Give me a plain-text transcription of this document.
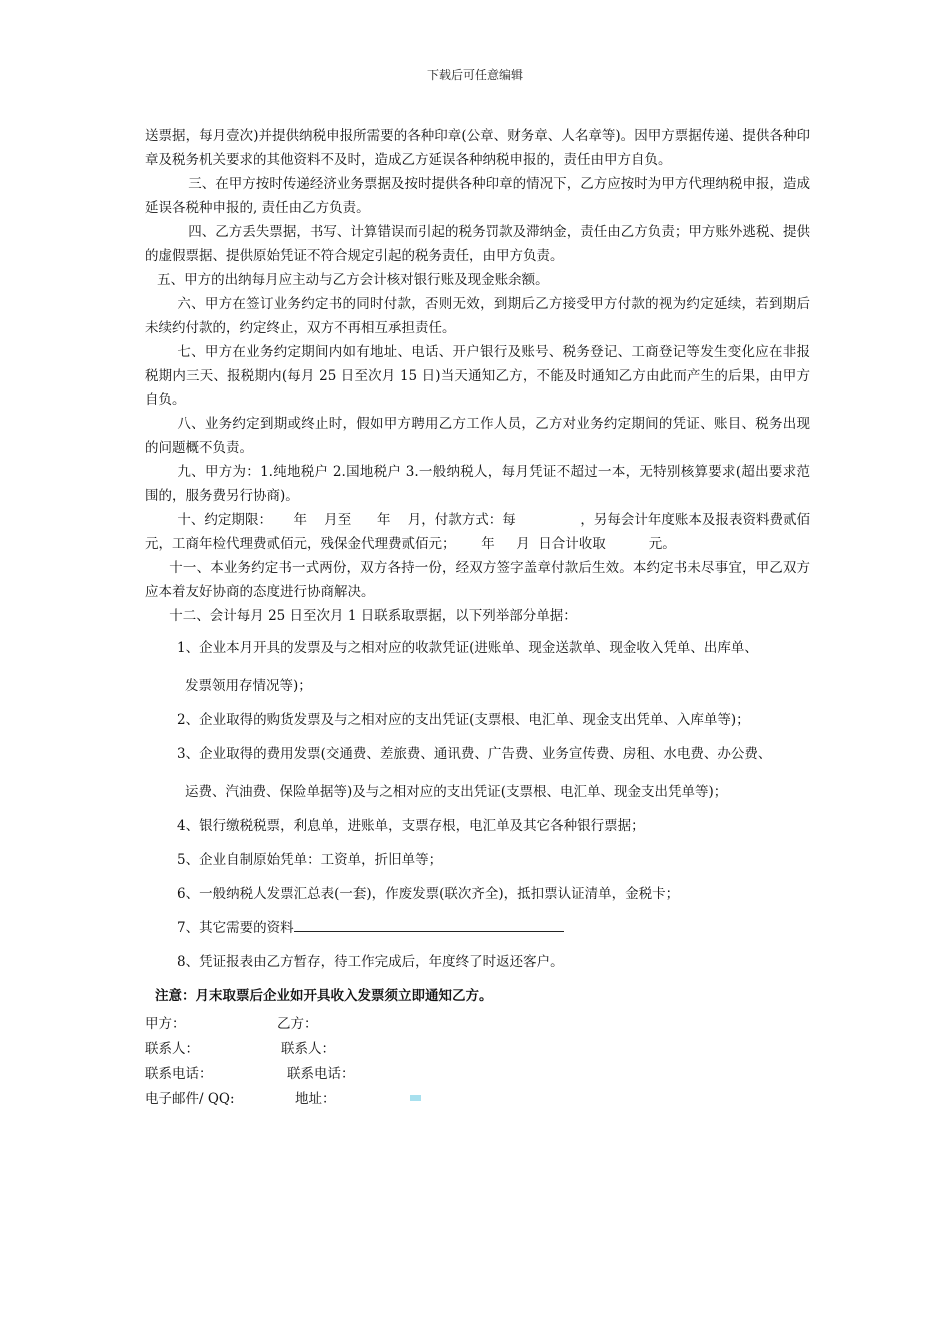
下载后可任意编辑

送票据，每月壹次)并提供纳税申报所需要的各种印章(公章、财务章、人名章等)。因甲方票据传递、提供各种印章及税务机关要求的其他资料不及时，造成乙方延误各种纳税申报的，责任由甲方自负。

三、在甲方按时传递经济业务票据及按时提供各种印章的情况下，乙方应按时为甲方代理纳税申报，造成延误各税种申报的, 责任由乙方负责。

四、乙方丢失票据，书写、计算错误而引起的税务罚款及滞纳金，责任由乙方负责；甲方账外逃税、提供的虚假票据、提供原始凭证不符合规定引起的税务责任，由甲方负责。

五、甲方的出纳每月应主动与乙方会计核对银行账及现金账余额。

六、甲方在签订业务约定书的同时付款，否则无效，到期后乙方接受甲方付款的视为约定延续，若到期后未续约付款的，约定终止，双方不再相互承担责任。

七、甲方在业务约定期间内如有地址、电话、开户银行及账号、税务登记、工商登记等发生变化应在非报税期内三天、报税期内(每月 25 日至次月 15 日)当天通知乙方，不能及时通知乙方由此而产生的后果，由甲方自负。

八、业务约定到期或终止时，假如甲方聘用乙方工作人员，乙方对业务约定期间的凭证、账目、税务出现的问题概不负责。

九、甲方为：1.纯地税户 2.国地税户 3.一般纳税人，每月凭证不超过一本，无特别核算要求(超出要求范围的，服务费另行协商)。

十、约定期限：     年    月至      年    月，付款方式：每               ，另每会计年度账本及报表资料费贰佰元，工商年检代理费贰佰元，残保金代理费贰佰元；      年     月  日合计收取          元。

十一、本业务约定书一式两份，双方各持一份，经双方签字盖章付款后生效。本约定书未尽事宜，甲乙双方应本着友好协商的态度进行协商解决。

十二、会计每月 25 日至次月 1 日联系取票据，以下列举部分单据：

1、企业本月开具的发票及与之相对应的收款凭证(进账单、现金送款单、现金收入凭单、出库单、
发票领用存情况等)；
2、企业取得的购货发票及与之相对应的支出凭证(支票根、电汇单、现金支出凭单、入库单等)；
3、企业取得的费用发票(交通费、差旅费、通讯费、广告费、业务宣传费、房租、水电费、办公费、
运费、汽油费、保险单据等)及与之相对应的支出凭证(支票根、电汇单、现金支出凭单等)；
4、银行缴税税票，利息单，进账单，支票存根，电汇单及其它各种银行票据；
5、企业自制原始凭单：工资单，折旧单等；
6、一般纳税人发票汇总表(一套)，作废发票(联次齐全)，抵扣票认证清单，金税卡；
7、其它需要的资料
8、凭证报表由乙方暂存，待工作完成后，年度终了时返还客户。
注意：月末取票后企业如开具收入发票须立即通知乙方。
甲方：	乙方：
联系人：	联系人：
联系电话：	联系电话：
电子邮件/ QQ:	地址：
